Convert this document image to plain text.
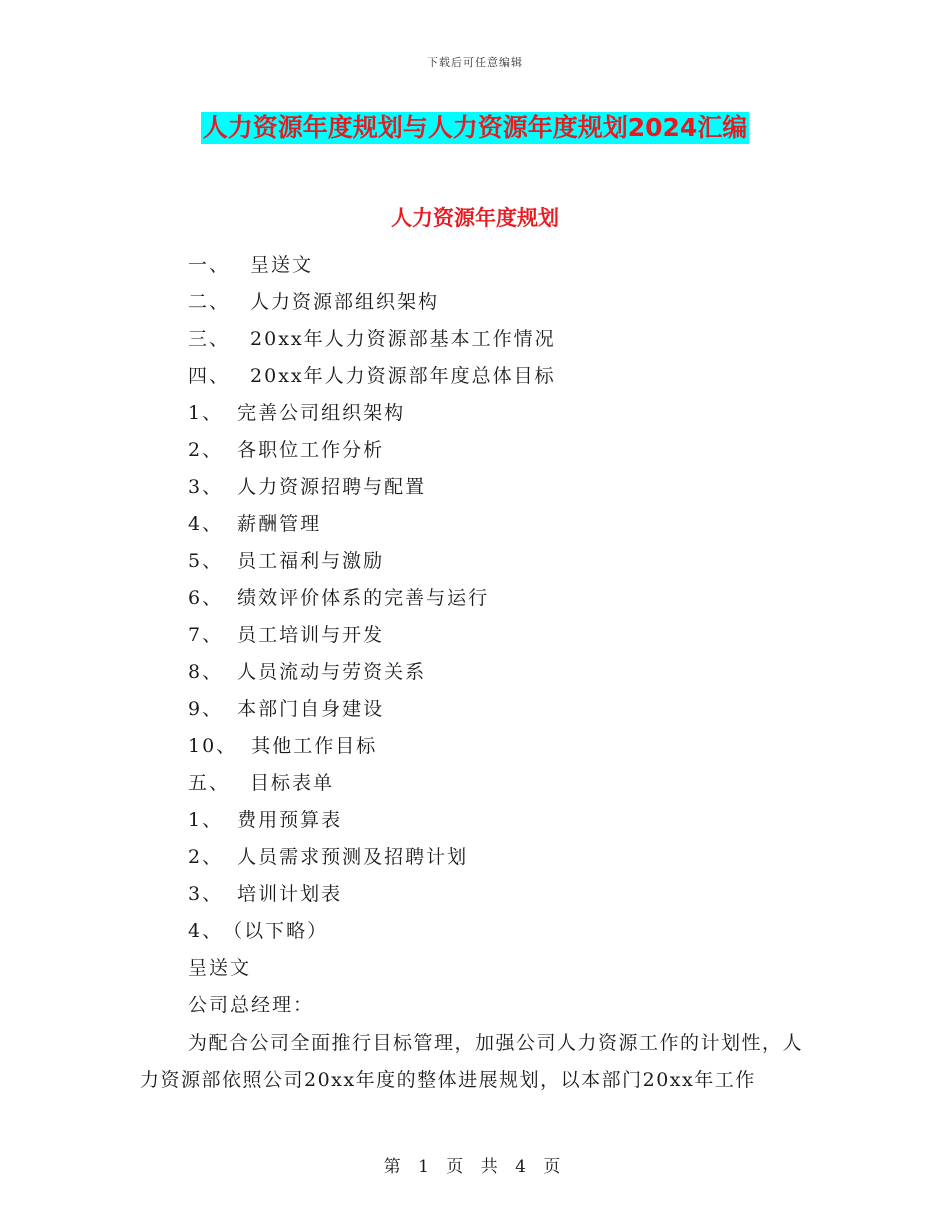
下载后可任意编辑
人力资源年度规划与人力资源年度规划2024汇编
人力资源年度规划
一、 呈送文
二、 人力资源部组织架构
三、 20xx年人力资源部基本工作情况
四、 20xx年人力资源部年度总体目标
1、 完善公司组织架构
2、 各职位工作分析
3、 人力资源招聘与配置
4、 薪酬管理
5、 员工福利与激励
6、 绩效评价体系的完善与运行
7、 员工培训与开发
8、 人员流动与劳资关系
9、 本部门自身建设
10、 其他工作目标
五、 目标表单
1、 费用预算表
2、 人员需求预测及招聘计划
3、 培训计划表
4、（以下略）
呈送文
公司总经理：
为配合公司全面推行目标管理，加强公司人力资源工作的计划性，人力资源部依照公司20xx年度的整体进展规划，以本部门20xx年工作
第 1 页 共 4 页
